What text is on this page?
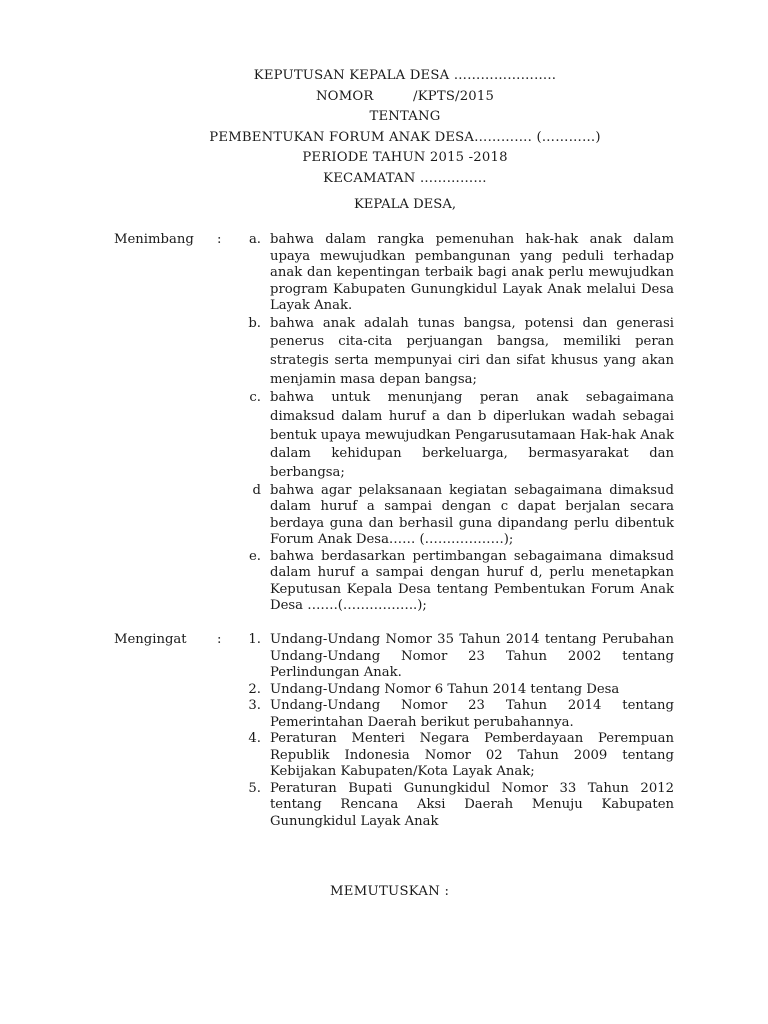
KEPUTUSAN KEPALA DESA …………………..
NOMOR         /KPTS/2015
TENTANG
PEMBENTUKAN FORUM ANAK DESA…………. (…………)
PERIODE TAHUN 2015 -2018
KECAMATAN ……………
KEPALA DESA,
Menimbang	:	a. bahwa dalam rangka pemenuhan hak-hak anak dalam upaya mewujudkan pembangunan yang peduli terhadap anak dan kepentingan terbaik bagi anak perlu mewujudkan program Kabupaten Gunungkidul Layak Anak melalui Desa Layak Anak.
b. bahwa anak adalah tunas bangsa, potensi dan generasi penerus cita-cita perjuangan bangsa, memiliki peran strategis serta mempunyai ciri dan sifat khusus yang akan menjamin masa depan bangsa;
c. bahwa untuk menunjang peran anak sebagaimana dimaksud dalam huruf a dan b diperlukan wadah sebagai bentuk upaya mewujudkan Pengarusutamaan Hak-hak Anak dalam kehidupan berkeluarga, bermasyarakat dan berbangsa;
d bahwa agar pelaksanaan kegiatan sebagaimana dimaksud dalam huruf a sampai dengan c dapat berjalan secara berdaya guna dan berhasil guna dipandang perlu dibentuk Forum Anak Desa…… (………………);
e. bahwa berdasarkan pertimbangan sebagaimana dimaksud dalam huruf a sampai dengan huruf d, perlu menetapkan Keputusan Kepala Desa tentang Pembentukan Forum Anak Desa …….(……………..);
Mengingat	:	1. Undang-Undang Nomor 35 Tahun 2014 tentang Perubahan Undang-Undang Nomor 23 Tahun 2002 tentang Perlindungan Anak.
2. Undang-Undang Nomor 6 Tahun 2014 tentang Desa
3. Undang-Undang Nomor 23 Tahun 2014 tentang Pemerintahan Daerah berikut perubahannya.
4. Peraturan Menteri Negara Pemberdayaan Perempuan Republik Indonesia Nomor 02 Tahun 2009 tentang Kebijakan Kabupaten/Kota Layak Anak;
5. Peraturan Bupati Gunungkidul Nomor 33 Tahun 2012 tentang Rencana Aksi Daerah Menuju Kabupaten Gunungkidul Layak Anak
MEMUTUSKAN :
